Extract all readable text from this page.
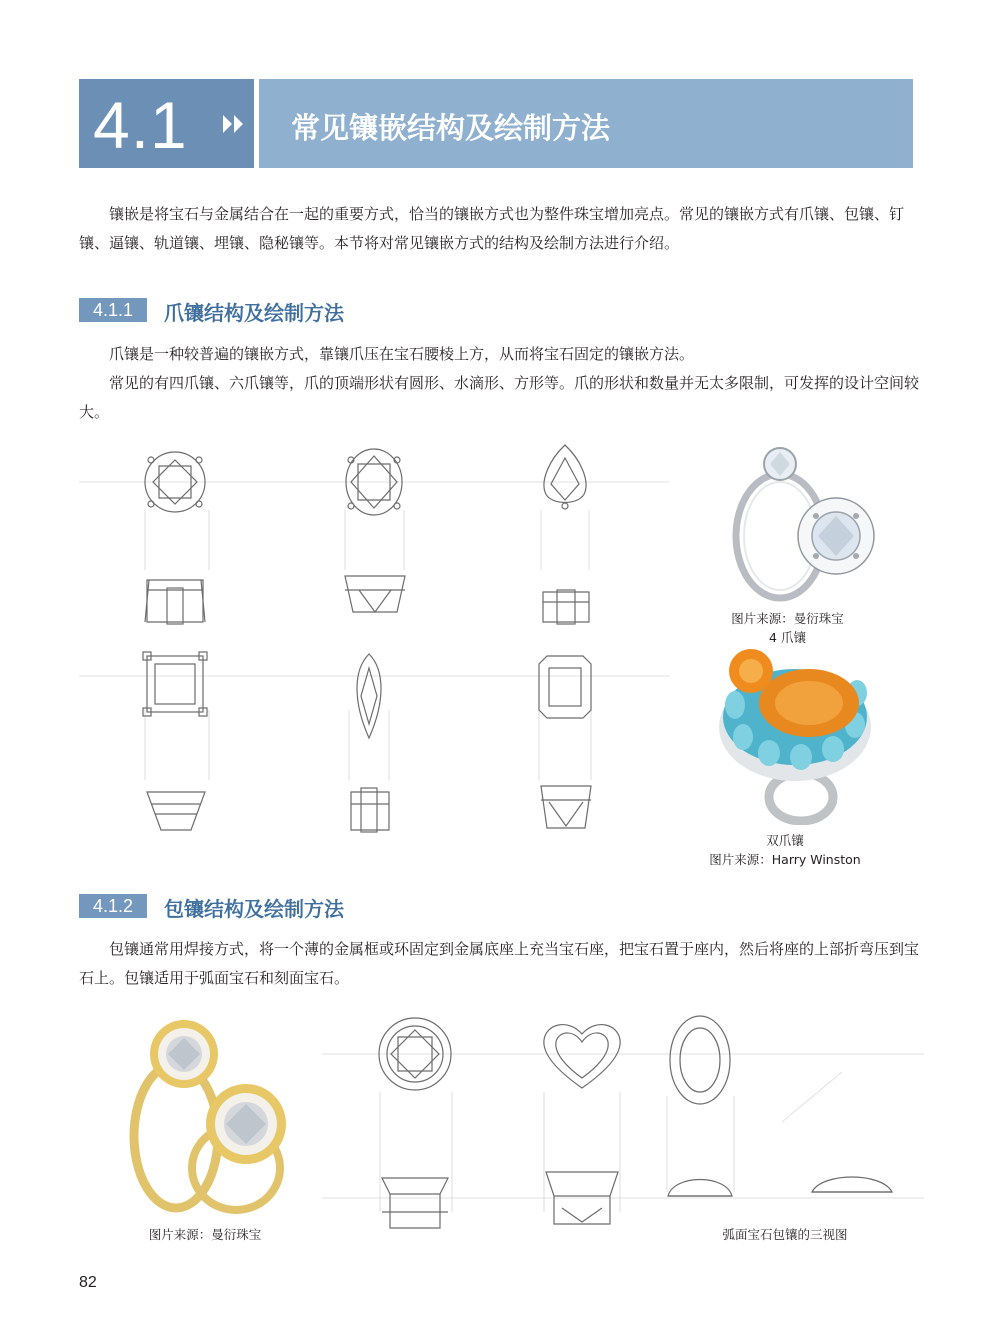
4.1	常见镶嵌结构及绘制方法
镶嵌是将宝石与金属结合在一起的重要方式，恰当的镶嵌方式也为整件珠宝增加亮点。常见的镶嵌方式有爪镶、包镶、钉镶、逼镶、轨道镶、埋镶、隐秘镶等。本节将对常见镶嵌方式的结构及绘制方法进行介绍。
4.1.1	爪镶结构及绘制方法
爪镶是一种较普遍的镶嵌方式，靠镶爪压在宝石腰棱上方，从而将宝石固定的镶嵌方法。
常见的有四爪镶、六爪镶等，爪的顶端形状有圆形、水滴形、方形等。爪的形状和数量并无太多限制，可发挥的设计空间较大。
图片来源：曼衍珠宝
4 爪镶
双爪镶
图片来源：Harry Winston
4.1.2	包镶结构及绘制方法
包镶通常用焊接方式，将一个薄的金属框或环固定到金属底座上充当宝石座，把宝石置于座内，然后将座的上部折弯压到宝石上。包镶适用于弧面宝石和刻面宝石。
图片来源：曼衍珠宝	弧面宝石包镶的三视图
82
